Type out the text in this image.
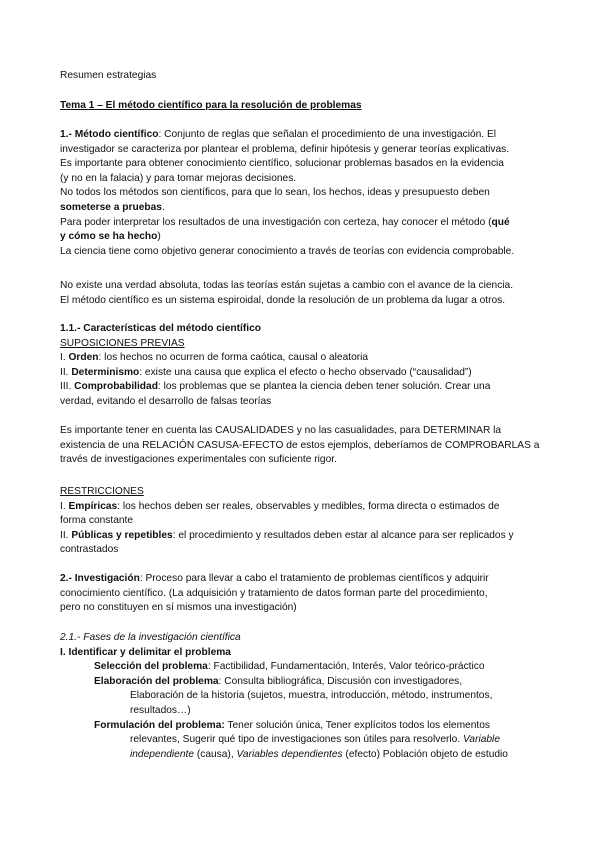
Resumen estrategias
Tema 1 – El método científico para la resolución de problemas
1.- Método científico: Conjunto de reglas que señalan el procedimiento de una investigación. El
investigador se caracteriza por plantear el problema, definir hipótesis y generar teorías explicativas.
Es importante para obtener conocimiento científico, solucionar problemas basados en la evidencia
(y no en la falacia) y para tomar mejoras decisiones.
No todos los métodos son científicos, para que lo sean, los hechos, ideas y presupuesto deben
someterse a pruebas.
Para poder interpretar los resultados de una investigación con certeza, hay conocer el método (qué
y cómo se ha hecho)
La ciencia tiene como objetivo generar conocimiento a través de teorías con evidencia comprobable.
No existe una verdad absoluta, todas las teorías están sujetas a cambio con el avance de la ciencia.
El método científico es un sistema espiroidal, donde la resolución de un problema da lugar a otros.
1.1.- Características del método científico
SUPOSICIONES PREVIAS
I. Orden: los hechos no ocurren de forma caótica, causal o aleatoria
II. Determinismo: existe una causa que explica el efecto o hecho observado (“causalidad”)
III. Comprobabilidad: los problemas que se plantea la ciencia deben tener solución. Crear una
verdad, evitando el desarrollo de falsas teorías
Es importante tener en cuenta las CAUSALIDADES y no las casualidades, para DETERMINAR la
existencia de una RELACIÓN CASUSA-EFECTO de estos ejemplos, deberíamos de COMPROBARLAS a
través de investigaciones experimentales con suficiente rigor.
RESTRICCIONES
I. Empíricas: los hechos deben ser reales, observables y medibles, forma directa o estimados de
forma constante
II. Públicas y repetibles: el procedimiento y resultados deben estar al alcance para ser replicados y
contrastados
2.- Investigación: Proceso para llevar a cabo el tratamiento de problemas científicos y adquirir
conocimiento científico. (La adquisición y tratamiento de datos forman parte del procedimiento,
pero no constituyen en sí mismos una investigación)
2.1.- Fases de la investigación científica
I. Identificar y delimitar el problema
Selección del problema: Factibilidad, Fundamentación, Interés, Valor teórico-práctico
Elaboración del problema: Consulta bibliográfica, Discusión con investigadores,
Elaboración de la historia (sujetos, muestra, introducción, método, instrumentos,
resultados…)
Formulación del problema: Tener solución única, Tener explícitos todos los elementos
relevantes, Sugerir qué tipo de investigaciones son útiles para resolverlo. Variable
independiente (causa), Variables dependientes (efecto) Población objeto de estudio
